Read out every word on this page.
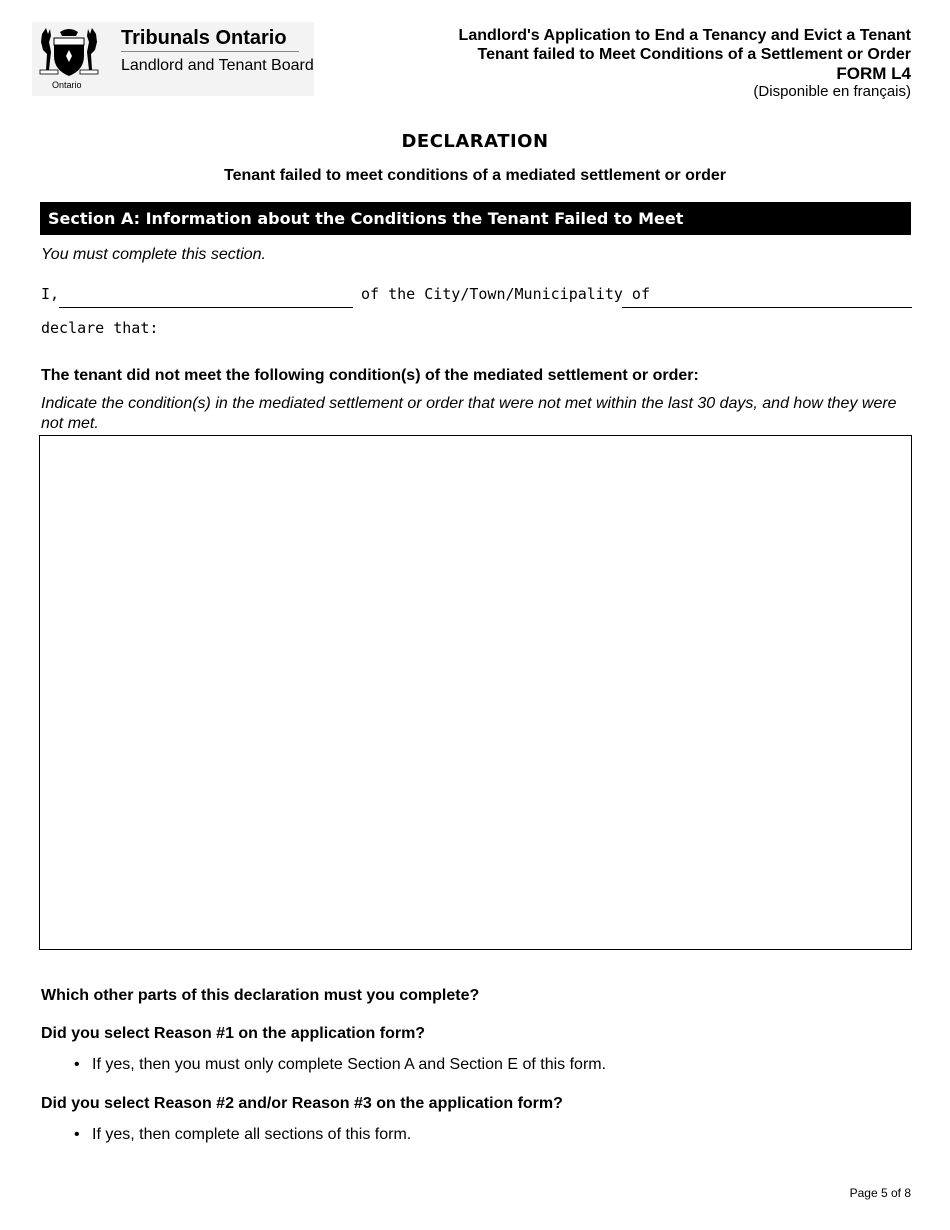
Ontario
Tribunals Ontario
Landlord and Tenant Board
Landlord's Application to End a Tenancy and Evict a Tenant
Tenant failed to Meet Conditions of a Settlement or Order
FORM L4
(Disponible en français)
DECLARATION
Tenant failed to meet conditions of a mediated settlement or order
Section A: Information about the Conditions the Tenant Failed to Meet
You must complete this section.
I,	of the City/Town/Municipality of
declare that:
The tenant did not meet the following condition(s) of the mediated settlement or order:
Indicate the condition(s) in the mediated settlement or order that were not met within the last 30 days, and how they were not met.
Which other parts of this declaration must you complete?
Did you select Reason #1 on the application form?
• If yes, then you must only complete Section A and Section E of this form.
Did you select Reason #2 and/or Reason #3 on the application form?
• If yes, then complete all sections of this form.
Page 5 of 8
